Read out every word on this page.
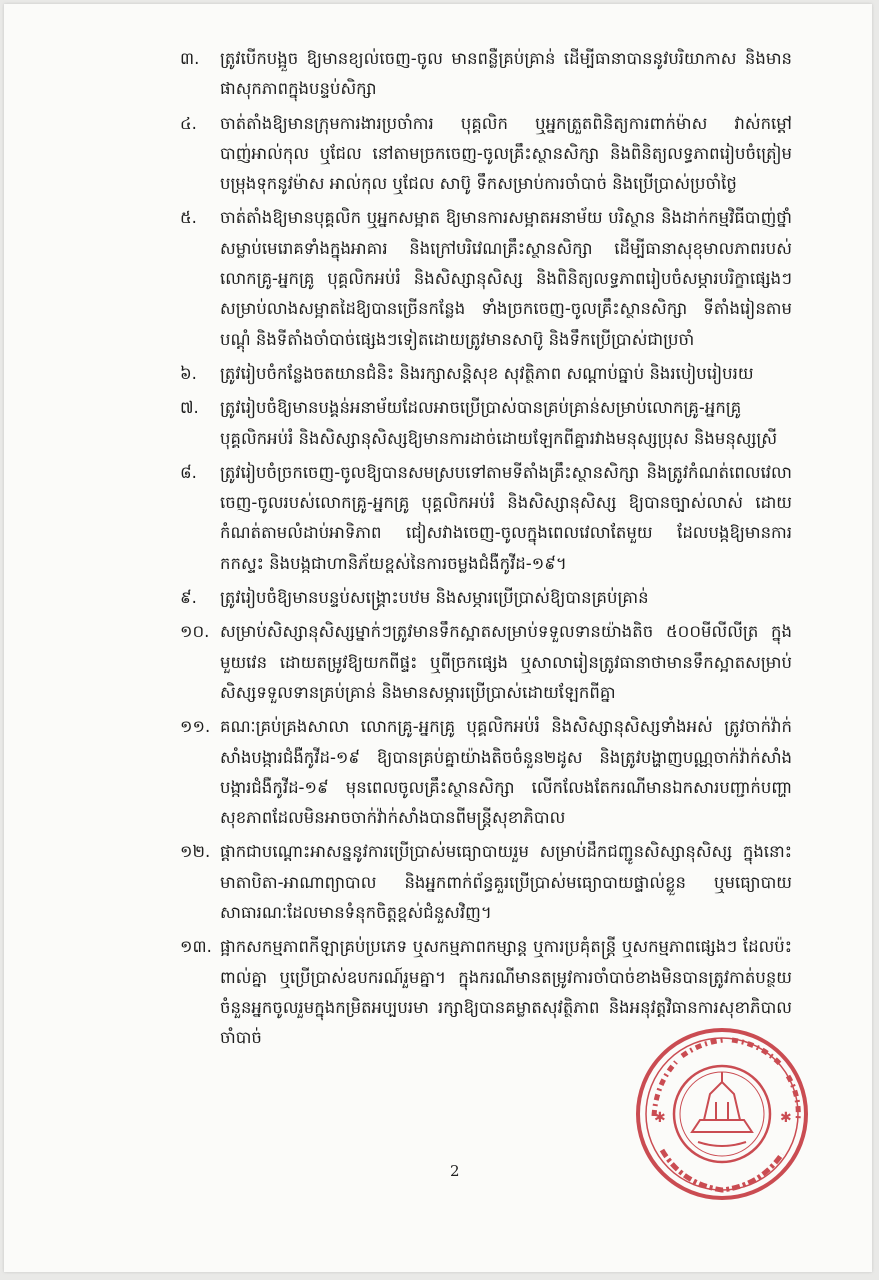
៣.	ត្រូវបើកបង្អួច ឱ្យមានខ្យល់ចេញ-ចូល មានពន្លឺគ្រប់គ្រាន់ ដើម្បីធានាបាននូវបរិយាកាស និងមានផាសុកភាពក្នុងបន្ទប់សិក្សា
៤.	ចាត់តាំងឱ្យមានក្រុមការងារប្រចាំការ បុគ្គលិក ឬអ្នកត្រួតពិនិត្យការពាក់ម៉ាស វាស់កម្ដៅ បាញ់អាល់កុល ឬជែល នៅតាមច្រកចេញ-ចូលគ្រឹះស្ថានសិក្សា និងពិនិត្យលទ្ធភាពរៀបចំត្រៀមបម្រុងទុកនូវម៉ាស អាល់កុល ឬជែល សាប៊ូ ទឹកសម្រាប់ការចាំបាច់ និងប្រើប្រាស់ប្រចាំថ្ងៃ
៥.	ចាត់តាំងឱ្យមានបុគ្គលិក ឬអ្នកសម្អាត ឱ្យមានការសម្អាតអនាម័យ បរិស្ថាន និងដាក់កម្មវិធីបាញ់ថ្នាំសម្លាប់មេរោគទាំងក្នុងអាគារ និងក្រៅបរិវេណគ្រឹះស្ថានសិក្សា ដើម្បីធានាសុខុមាលភាពរបស់លោកគ្រូ-អ្នកគ្រូ បុគ្គលិកអប់រំ និងសិស្សានុសិស្ស និងពិនិត្យលទ្ធភាពរៀបចំសម្ភារបរិក្ខាផ្សេងៗ សម្រាប់លាងសម្អាតដៃឱ្យបានច្រើនកន្លែង ទាំងច្រកចេញ-ចូលគ្រឹះស្ថានសិក្សា ទីតាំងរៀនតាមបណ្ដុំ និងទីតាំងចាំបាច់ផ្សេងៗទៀតដោយត្រូវមានសាប៊ូ និងទឹកប្រើប្រាស់ជាប្រចាំ
៦.	ត្រូវរៀបចំកន្លែងចតយានជំនិះ និងរក្សាសន្តិសុខ សុវត្ថិភាព សណ្ដាប់ធ្នាប់ និងរបៀបរៀបរយ
៧.	ត្រូវរៀបចំឱ្យមានបង្គន់អនាម័យដែលអាចប្រើប្រាស់បានគ្រប់គ្រាន់សម្រាប់លោកគ្រូ-អ្នកគ្រូ បុគ្គលិកអប់រំ និងសិស្សានុសិស្សឱ្យមានការដាច់ដោយឡែកពីគ្នារវាងមនុស្សប្រុស និងមនុស្សស្រី
៨.	ត្រូវរៀបចំច្រកចេញ-ចូលឱ្យបានសមស្របទៅតាមទីតាំងគ្រឹះស្ថានសិក្សា និងត្រូវកំណត់ពេលវេលាចេញ-ចូលរបស់លោកគ្រូ-អ្នកគ្រូ បុគ្គលិកអប់រំ និងសិស្សានុសិស្ស ឱ្យបានច្បាស់លាស់ ដោយកំណត់តាមលំដាប់អាទិភាព ជៀសវាងចេញ-ចូលក្នុងពេលវេលាតែមួយ ដែលបង្កឱ្យមានការកកស្ទះ និងបង្កជាហានិភ័យខ្ពស់នៃការចម្លងជំងឺកូវីដ-១៩។
៩.	ត្រូវរៀបចំឱ្យមានបន្ទប់សង្គ្រោះបឋម និងសម្ភារប្រើប្រាស់ឱ្យបានគ្រប់គ្រាន់
១០. សម្រាប់សិស្សានុសិស្សម្នាក់ៗត្រូវមានទឹកស្អាតសម្រាប់ទទួលទានយ៉ាងតិច ៥០០មីលីលីត្រ ក្នុងមួយវេន ដោយតម្រូវឱ្យយកពីផ្ទះ ឬពីច្រកផ្សេង ឬសាលារៀនត្រូវធានាថាមានទឹកស្អាតសម្រាប់សិស្សទទួលទានគ្រប់គ្រាន់ និងមានសម្ភារប្រើប្រាស់ដោយឡែកពីគ្នា
១១. គណៈគ្រប់គ្រងសាលា លោកគ្រូ-អ្នកគ្រូ បុគ្គលិកអប់រំ និងសិស្សានុសិស្សទាំងអស់ ត្រូវចាក់វ៉ាក់សាំងបង្ការជំងឺកូវីដ-១៩ ឱ្យបានគ្រប់គ្នាយ៉ាងតិចចំនួន២ដូស និងត្រូវបង្ហាញបណ្ណចាក់វ៉ាក់សាំងបង្ការជំងឺកូវីដ-១៩ មុនពេលចូលគ្រឹះស្ថានសិក្សា លើកលែងតែករណីមានឯកសារបញ្ជាក់បញ្ហាសុខភាពដែលមិនអាចចាក់វ៉ាក់សាំងបានពីមន្ត្រីសុខាភិបាល
១២. ផ្ដាកជាបណ្ដោះអាសន្ននូវការប្រើប្រាស់មធ្យោបាយរួម សម្រាប់ដឹកជញ្ជូនសិស្សានុសិស្ស ក្នុងនោះមាតាបិតា-អាណាព្យាបាល និងអ្នកពាក់ព័ន្ធគួរប្រើប្រាស់មធ្យោបាយផ្ទាល់ខ្លួន ឬមធ្យោបាយសាធារណៈដែលមានទំនុកចិត្តខ្ពស់ជំនួសវិញ។
១៣. ផ្អាកសកម្មភាពកីឡាគ្រប់ប្រភេទ ឬសកម្មភាពកម្សាន្ត ឬការប្រគុំតន្ត្រី ឬសកម្មភាពផ្សេងៗ ដែលប៉ះពាល់គ្នា ឬប្រើប្រាស់ឧបករណ៍រួមគ្នា។ ក្នុងករណីមានតម្រូវការចាំបាច់ខាងមិនបានត្រូវកាត់បន្ថយចំនួនអ្នកចូលរួមក្នុងកម្រិតអប្បបរមា រក្សាឱ្យបានគម្លាតសុវត្ថិភាព និងអនុវត្តវិធានការសុខាភិបាលចាំបាច់
2
✱	✱
